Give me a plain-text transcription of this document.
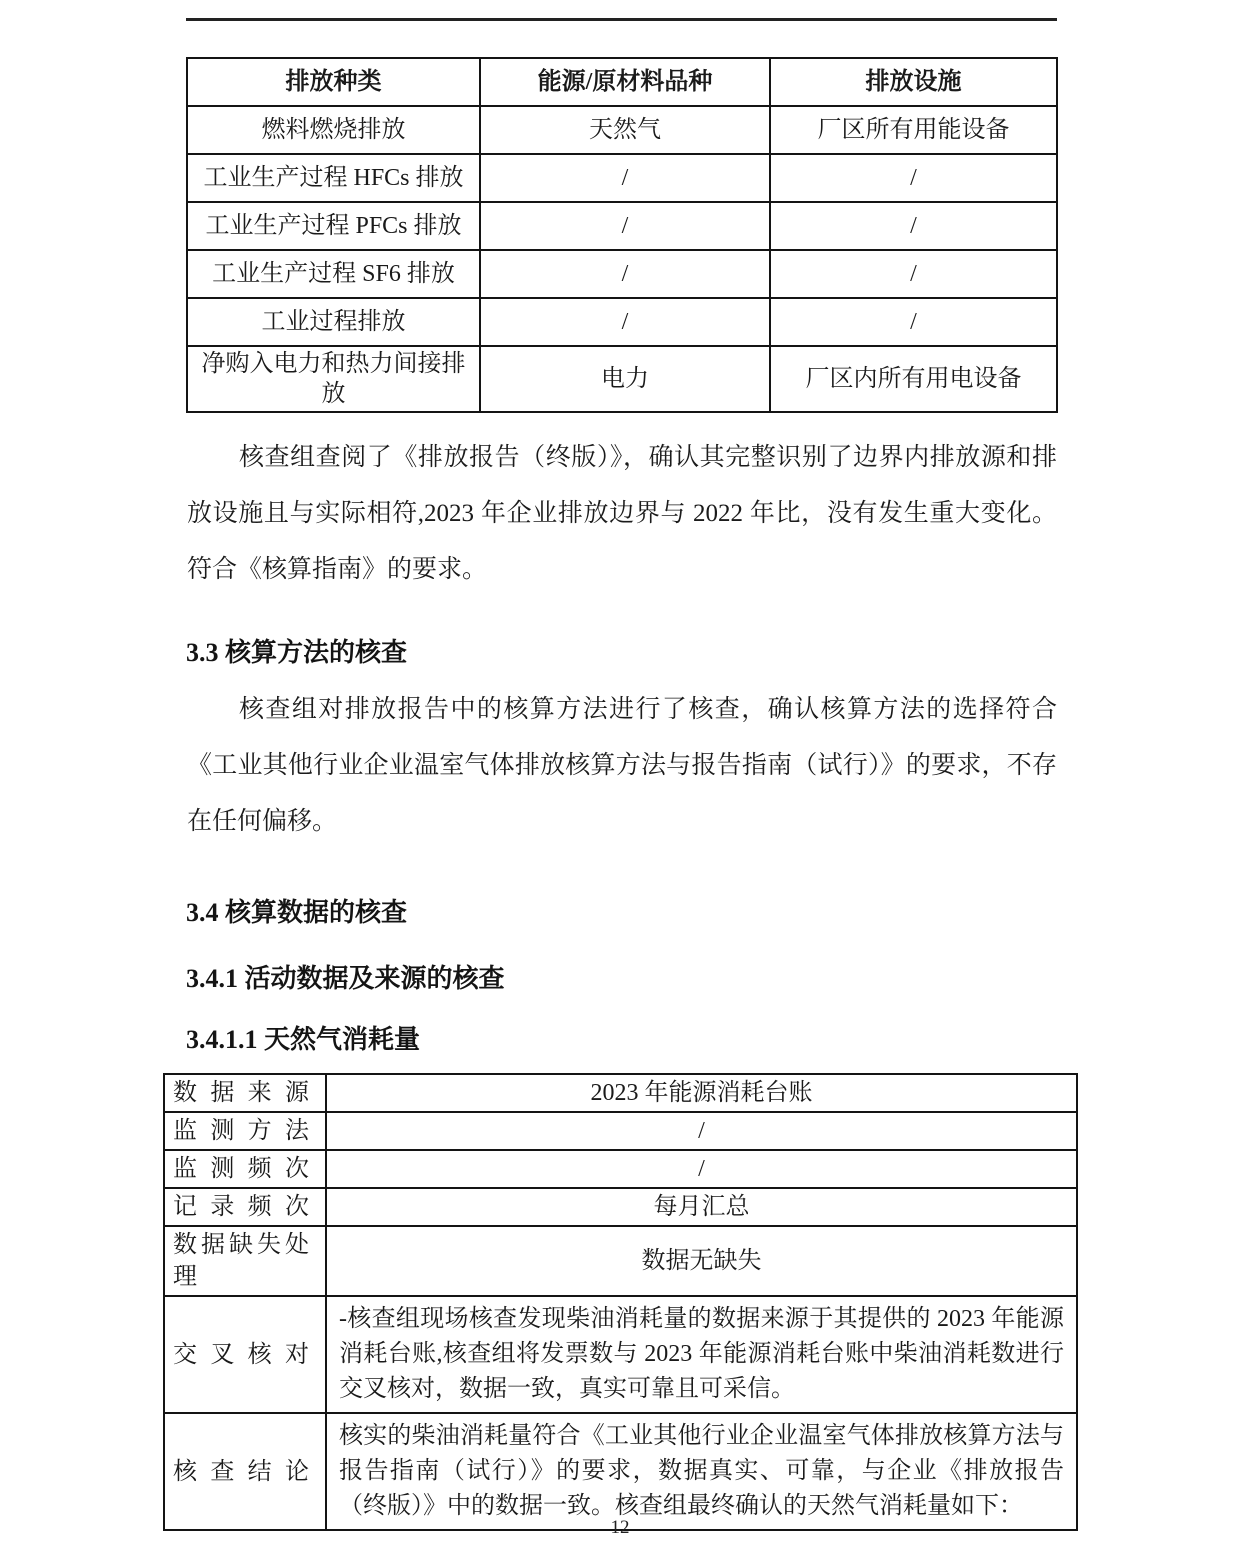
排放种类	能源/原材料品种	排放设施
燃料燃烧排放	天然气	厂区所有用能设备
工业生产过程 HFCs 排放	/	/
工业生产过程 PFCs 排放	/	/
工业生产过程 SF6 排放	/	/
工业过程排放	/	/
净购入电力和热力间接排放	电力	厂区内所有用电设备

核查组查阅了《排放报告（终版）》，确认其完整识别了边界内排放源和排放设施且与实际相符,2023 年企业排放边界与 2022 年比，没有发生重大变化。符合《核算指南》的要求。

3.3 核算方法的核查

核查组对排放报告中的核算方法进行了核查，确认核算方法的选择符合《工业其他行业企业温室气体排放核算方法与报告指南（试行）》的要求，不存在任何偏移。

3.4 核算数据的核查
3.4.1 活动数据及来源的核查
3.4.1.1 天然气消耗量
数据来源	2023 年能源消耗台账
监测方法	/
监测频次	/
记录频次	每月汇总
数据缺失处理	数据无缺失
交叉核对	-核查组现场核查发现柴油消耗量的数据来源于其提供的 2023 年能源消耗台账,核查组将发票数与 2023 年能源消耗台账中柴油消耗数进行交叉核对，数据一致，真实可靠且可采信。
核查结论	核实的柴油消耗量符合《工业其他行业企业温室气体排放核算方法与报告指南（试行）》的要求，数据真实、可靠，与企业《排放报告（终版）》中的数据一致。核查组最终确认的天然气消耗量如下：
12
